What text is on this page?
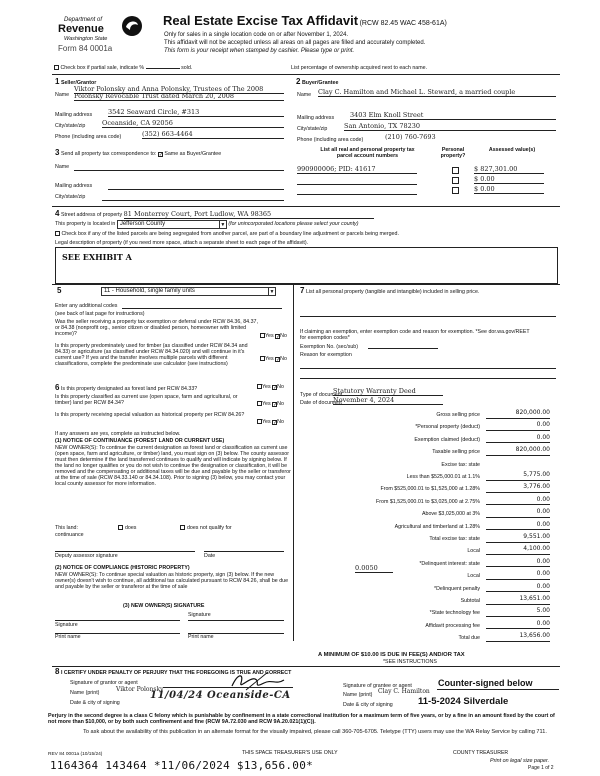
Department of
Revenue
Washington State
Form 84 0001a
Real Estate Excise Tax Affidavit (RCW 82.45 WAC 458-61A)
Only for sales in a single location code on or after November 1, 2024.
This affidavit will not be accepted unless all areas on all pages are filled and accurately completed.
This form is your receipt when stamped by cashier. Please type or print.
Check box if partial sale, indicate %	sold.	List percentage of ownership acquired next to each name.
1 Seller/Grantor
Name
Viktor Polonsky and Anna Polonsky, Trustees of The 2008
Polonsky Revocable Trust dated March 20, 2008
Mailing address 3542 Seaward Circle, #313
City/state/zip	Oceanside, CA 92056
Phone (including area code)	(352) 663-4464
2 Buyer/Grantee
Name Clay C. Hamilton and Michael L. Steward, a married couple
Mailing address 3403 Elm Knoll Street
City/state/zip	San Antonio, TX 78230
Phone (including area code)	(210) 760-7693
3 Send all property tax correspondence to: ✓ Same as Buyer/Grantee
Name
Mailing address
City/state/zip
List all real and personal property tax parcel account numbers
Personal property?
Assessed value(s)
990900006; PID: 41617	$ 827,301.00
$ 0.00
$ 0.00
4 Street address of property 81 Monterrey Court, Port Ludlow, WA 98365
This property is located in Jefferson County	▼ (for unincorporated locations please select your county)
Check box if any of the listed parcels are being segregated from another parcel, are part of a boundary line adjustment or parcels being merged.
Legal description of property (if you need more space, attach a separate sheet to each page of the affidavit).
SEE EXHIBIT A
5	11 - Household, single family units	▼
Enter any additional codes
(see back of last page for instructions)
Was the seller receiving a property tax exemption or deferral under RCW 84.36, 84.37, or 84.38 (nonprofit org., senior citizen or disabled person, homeowner with limited income)?	Yes ✓No
Is this property predominately used for timber (as classified under RCW 84.34 and 84.33) or agriculture (as classified under RCW 84.34.020) and will continue in it's current use? If yes and the transfer involves multiple parcels with different classifications, complete the predominate use calculator (see instructions)
Yes ✓No
6 Is this property designated as forest land per RCW 84.33?	Yes ✓No
Is this property classified as current use (open space, farm and agricultural, or timber) land per RCW 84.34?	Yes ✓No
Is this property receiving special valuation as historical property per RCW 84.26?
Yes ✓No
If any answers are yes, complete as instructed below.
(1) NOTICE OF CONTINUANCE (FOREST LAND OR CURRENT USE)
NEW OWNER(S): To continue the current designation as forest land or classification as current use (open space, farm and agriculture, or timber) land, you must sign on (3) below. The county assessor must then determine if the land transferred continues to qualify and will indicate by signing below. If the land no longer qualifies or you do not wish to continue the designation or classification, it will be removed and the compensating or additional taxes will be due and payable by the seller or transferor at the time of sale (RCW 84.33.140 or 84.34.108). Prior to signing (3) below, you may contact your local county assessor for more information.
This land:	does	does not qualify for
continuance
Deputy assessor signature	Date
(2) NOTICE OF COMPLIANCE (HISTORIC PROPERTY)
NEW OWNER(S): To continue special valuation as historic property, sign (3) below. If the new owner(s) doesn't wish to continue, all additional tax calculated pursuant to RCW 84.26, shall be due and payable by the seller or transferor at the time of sale
(3) NEW OWNER(S) SIGNATURE
Signature
Signature
Print name	Print name
7 List all personal property (tangible and intangible) included in selling price.
If claiming an exemption, enter exemption code and reason for exemption. *See dor.wa.gov/REET for exemption codes*
Exemption No. (sec/sub)
Reason for exemption
Type of document
Statutory Warranty Deed
Date of document
November 4, 2024
Gross selling price	820,000.00
*Personal property (deduct)	0.00
Exemption claimed (deduct)	0.00
Taxable selling price	820,000.00
Excise tax: state
Less than $525,000.01 at 1.1%	5,775.00
From $525,000.01 to $1,525,000 at 1.28%	3,776.00
From $1,525,000.01 to $3,025,000 at 2.75%	0.00
Above $3,025,000 at 3%	0.00
Agricultural and timberland at 1.28%	0.00
Total excise tax: state	9,551.00
Local	4,100.00
*Delinquent interest: state	0.00
Local	0.00
*Delinquent penalty	0.00
Subtotal	13,651.00
*State technology fee	5.00
Affidavit processing fee	0.00
Total due	13,656.00
0.0050
A MINIMUM OF $10.00 IS DUE IN FEE(S) AND/OR TAX
*SEE INSTRUCTIONS
8 I CERTIFY UNDER PENALTY OF PERJURY THAT THE FOREGOING IS TRUE AND CORRECT
Signature of grantor or agent
Name (print)	Viktor Polonsky
Date & city of signing
11/04/24 Oceanside-CA
Signature of grantee or agent	Counter-signed below
Name (print) Clay C. Hamilton
Date & city of signing	11-5-2024 Silverdale
Perjury in the second degree is a class C felony which is punishable by confinement in a state correctional institution for a maximum term of five years, or by a fine in an amount fixed by the court of not more than $10,000, or by both such confinement and fine (RCW 9A.72.030 and RCW 9A.20.021(1)(C)).
To ask about the availability of this publication in an alternate format for the visually impaired, please call 360-705-6705. Teletype (TTY) users may use the WA Relay Service by calling 711.
REV 84 0001a (10/15/24)	THIS SPACE TREASURER'S USE ONLY	COUNTY TREASURER
1164364 143464 *11/06/2024 $13,656.00*	Print on legal size paper.
Page 1 of 2
